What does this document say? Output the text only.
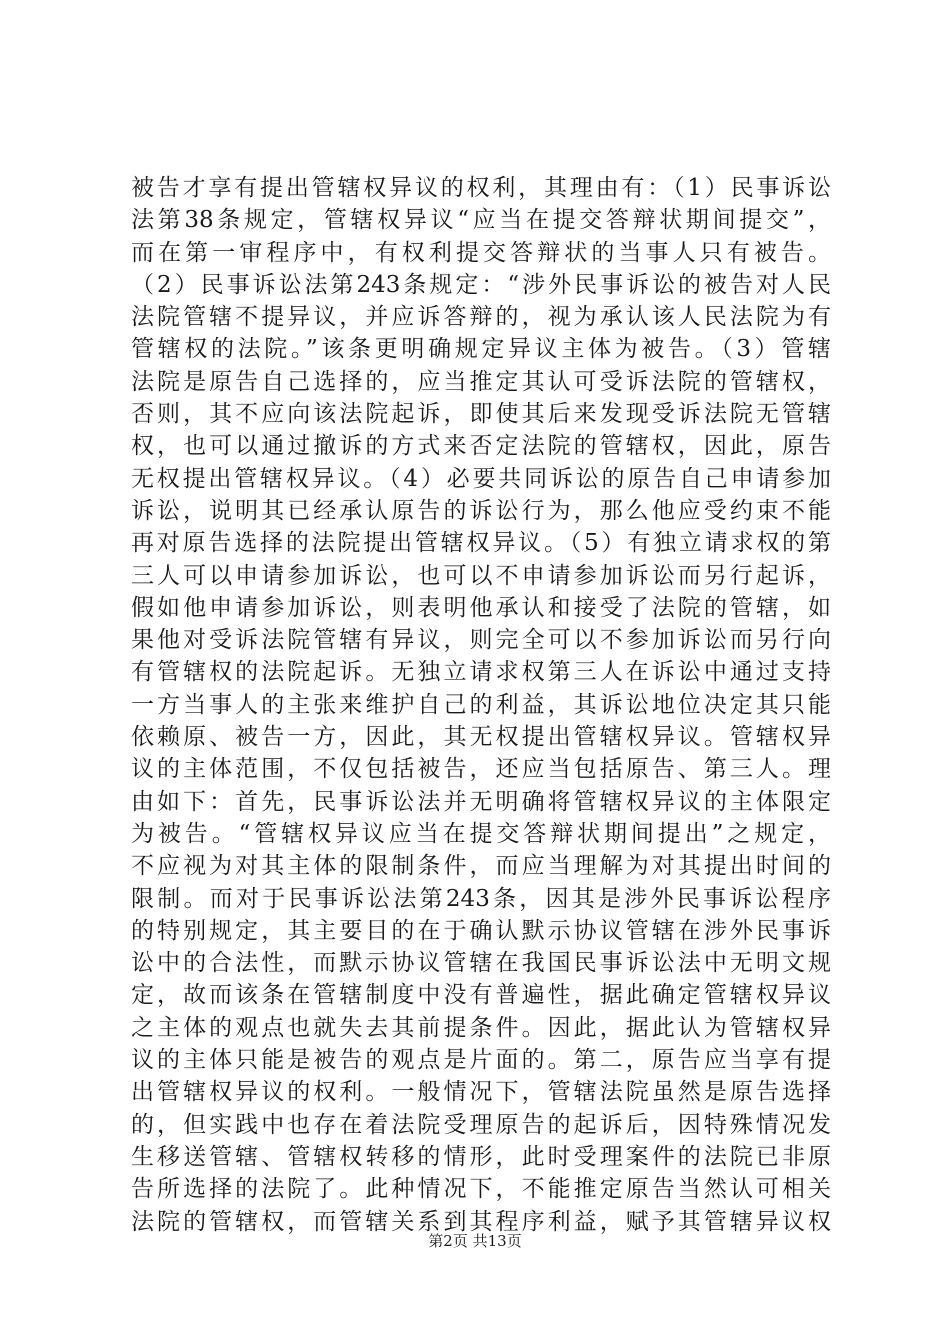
被告才享有提出管辖权异议的权利，其理由有：（1）民事诉讼
法第38条规定，管辖权异议“应当在提交答辩状期间提交”，
而在第一审程序中，有权利提交答辩状的当事人只有被告。
（2）民事诉讼法第243条规定：“涉外民事诉讼的被告对人民
法院管辖不提异议，并应诉答辩的，视为承认该人民法院为有
管辖权的法院。”该条更明确规定异议主体为被告。（3）管辖
法院是原告自己选择的，应当推定其认可受诉法院的管辖权，
否则，其不应向该法院起诉，即使其后来发现受诉法院无管辖
权，也可以通过撤诉的方式来否定法院的管辖权，因此，原告
无权提出管辖权异议。（4）必要共同诉讼的原告自己申请参加
诉讼，说明其已经承认原告的诉讼行为，那么他应受约束不能
再对原告选择的法院提出管辖权异议。（5）有独立请求权的第
三人可以申请参加诉讼，也可以不申请参加诉讼而另行起诉，
假如他申请参加诉讼，则表明他承认和接受了法院的管辖，如
果他对受诉法院管辖有异议，则完全可以不参加诉讼而另行向
有管辖权的法院起诉。无独立请求权第三人在诉讼中通过支持
一方当事人的主张来维护自己的利益，其诉讼地位决定其只能
依赖原、被告一方，因此，其无权提出管辖权异议。管辖权异
议的主体范围，不仅包括被告，还应当包括原告、第三人。理
由如下：首先，民事诉讼法并无明确将管辖权异议的主体限定
为被告。“管辖权异议应当在提交答辩状期间提出”之规定，
不应视为对其主体的限制条件，而应当理解为对其提出时间的
限制。而对于民事诉讼法第243条，因其是涉外民事诉讼程序
的特别规定，其主要目的在于确认默示协议管辖在涉外民事诉
讼中的合法性，而默示协议管辖在我国民事诉讼法中无明文规
定，故而该条在管辖制度中没有普遍性，据此确定管辖权异议
之主体的观点也就失去其前提条件。因此，据此认为管辖权异
议的主体只能是被告的观点是片面的。第二，原告应当享有提
出管辖权异议的权利。一般情况下，管辖法院虽然是原告选择
的，但实践中也存在着法院受理原告的起诉后，因特殊情况发
生移送管辖、管辖权转移的情形，此时受理案件的法院已非原
告所选择的法院了。此种情况下，不能推定原告当然认可相关
法院的管辖权，而管辖关系到其程序利益，赋予其管辖异议权
第2页 共13页
